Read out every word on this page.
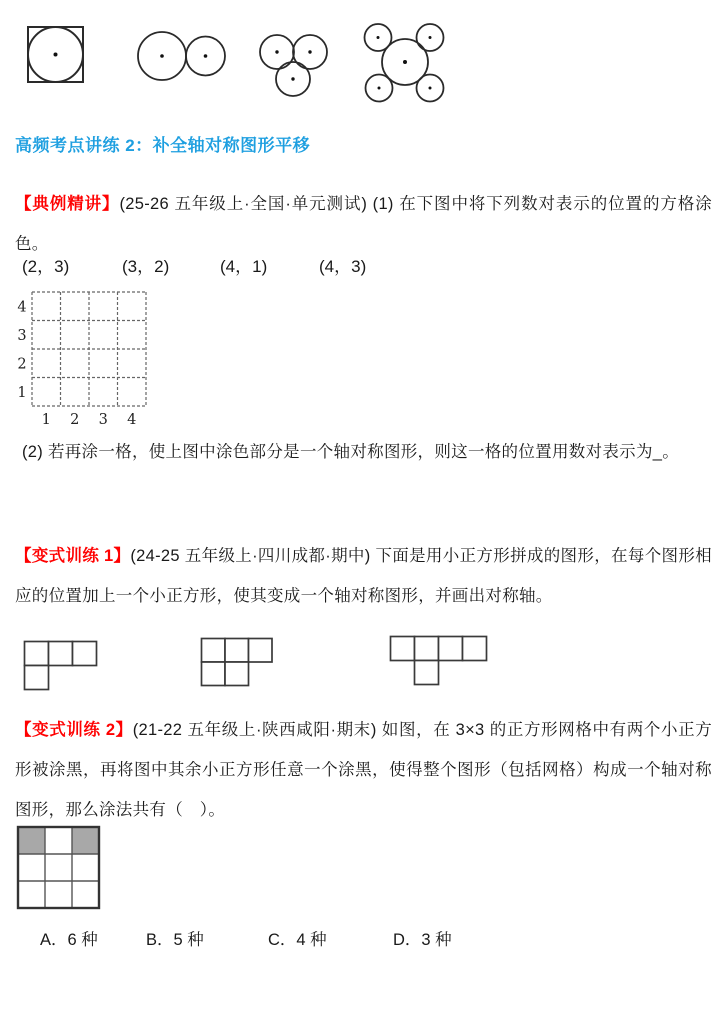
高频考点讲练 2：补全轴对称图形平移

【典例精讲】(25-26 五年级上·全国·单元测试) (1) 在下图中将下列数对表示的位置的方格涂色。

(2，3)	(3，2)	(4，1)	(4，3)
4
3
2
1
1 2 3 4

(2) 若再涂一格，使上图中涂色部分是一个轴对称图形，则这一格的位置用数对表示为_。

【变式训练 1】(24-25 五年级上·四川成都·期中) 下面是用小正方形拼成的图形，在每个图形相应的位置加上一个小正方形，使其变成一个轴对称图形，并画出对称轴。

【变式训练 2】(21-22 五年级上·陕西咸阳·期末) 如图，在 3×3 的正方形网格中有两个小正方形被涂黑，再将图中其余小正方形任意一个涂黑，使得整个图形（包括网格）构成一个轴对称图形，那么涂法共有（　）。

A．6 种	B．5 种	C．4 种	D．3 种
